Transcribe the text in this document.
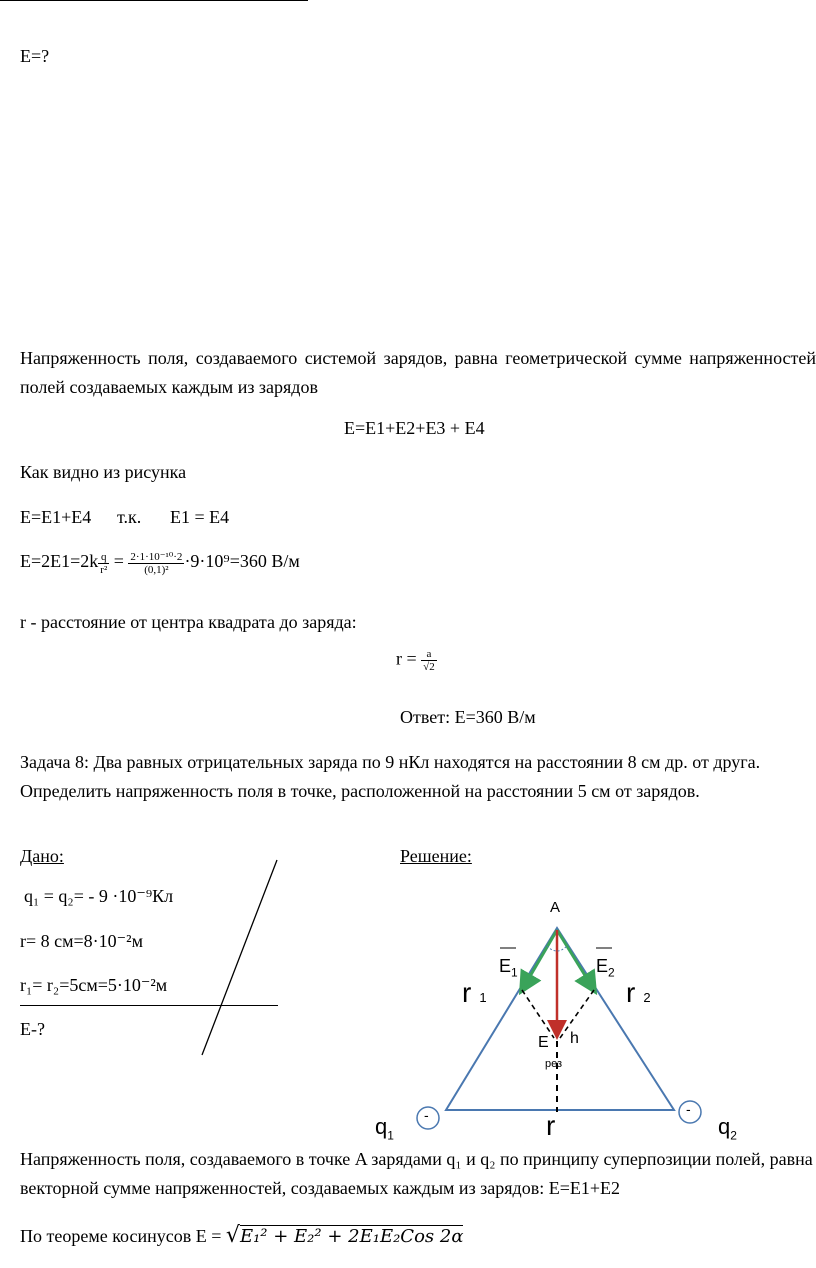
E=?
Напряженность поля, создаваемого системой зарядов, равна геометрической сумме напряженностей полей создаваемых каждым из зарядов
E=E1+E2+E3 + E4
Как видно из рисунка
E=E1+E4 т.к. E1 = E4
$E=2E1=2k \frac{q}{\text{r²}} = \frac{\text{2·1·10⁻¹⁰·2}}{\text{(0,1)²}} \cdot 9\cdot 10^9=360$ В/м
r - расстояние от центра квадрата до заряда:
$r = \frac{a}{√2}$
Ответ: E=360 В/м
Задача 8: Два равных отрицательных заряда по 9 нКл находятся на расстоянии 8 см др. от друга. Определить напряженность поля в точке, расположенной на расстоянии 5 см от зарядов.
Дано:	Решение:
q₁ = q₂= - 9 ·10⁻⁹Кл
r= 8 см=8·10⁻²м
r₁= r₂=5см=5·10⁻²м
E-?
A
$E_1$	$E_2$
r 1	r 2
h
E
рез
-	-
$q_1$	$q_2$
r
Напряженность поля, создаваемого в точке A зарядами q₁ и q₂ по принципу суперпозиции полей, равна векторной сумме напряженностей, создаваемых каждым из зарядов: E=E1+E2
По теореме косинусов E = √E₁² + E₂² + 2E₁E₂Cos 2α
